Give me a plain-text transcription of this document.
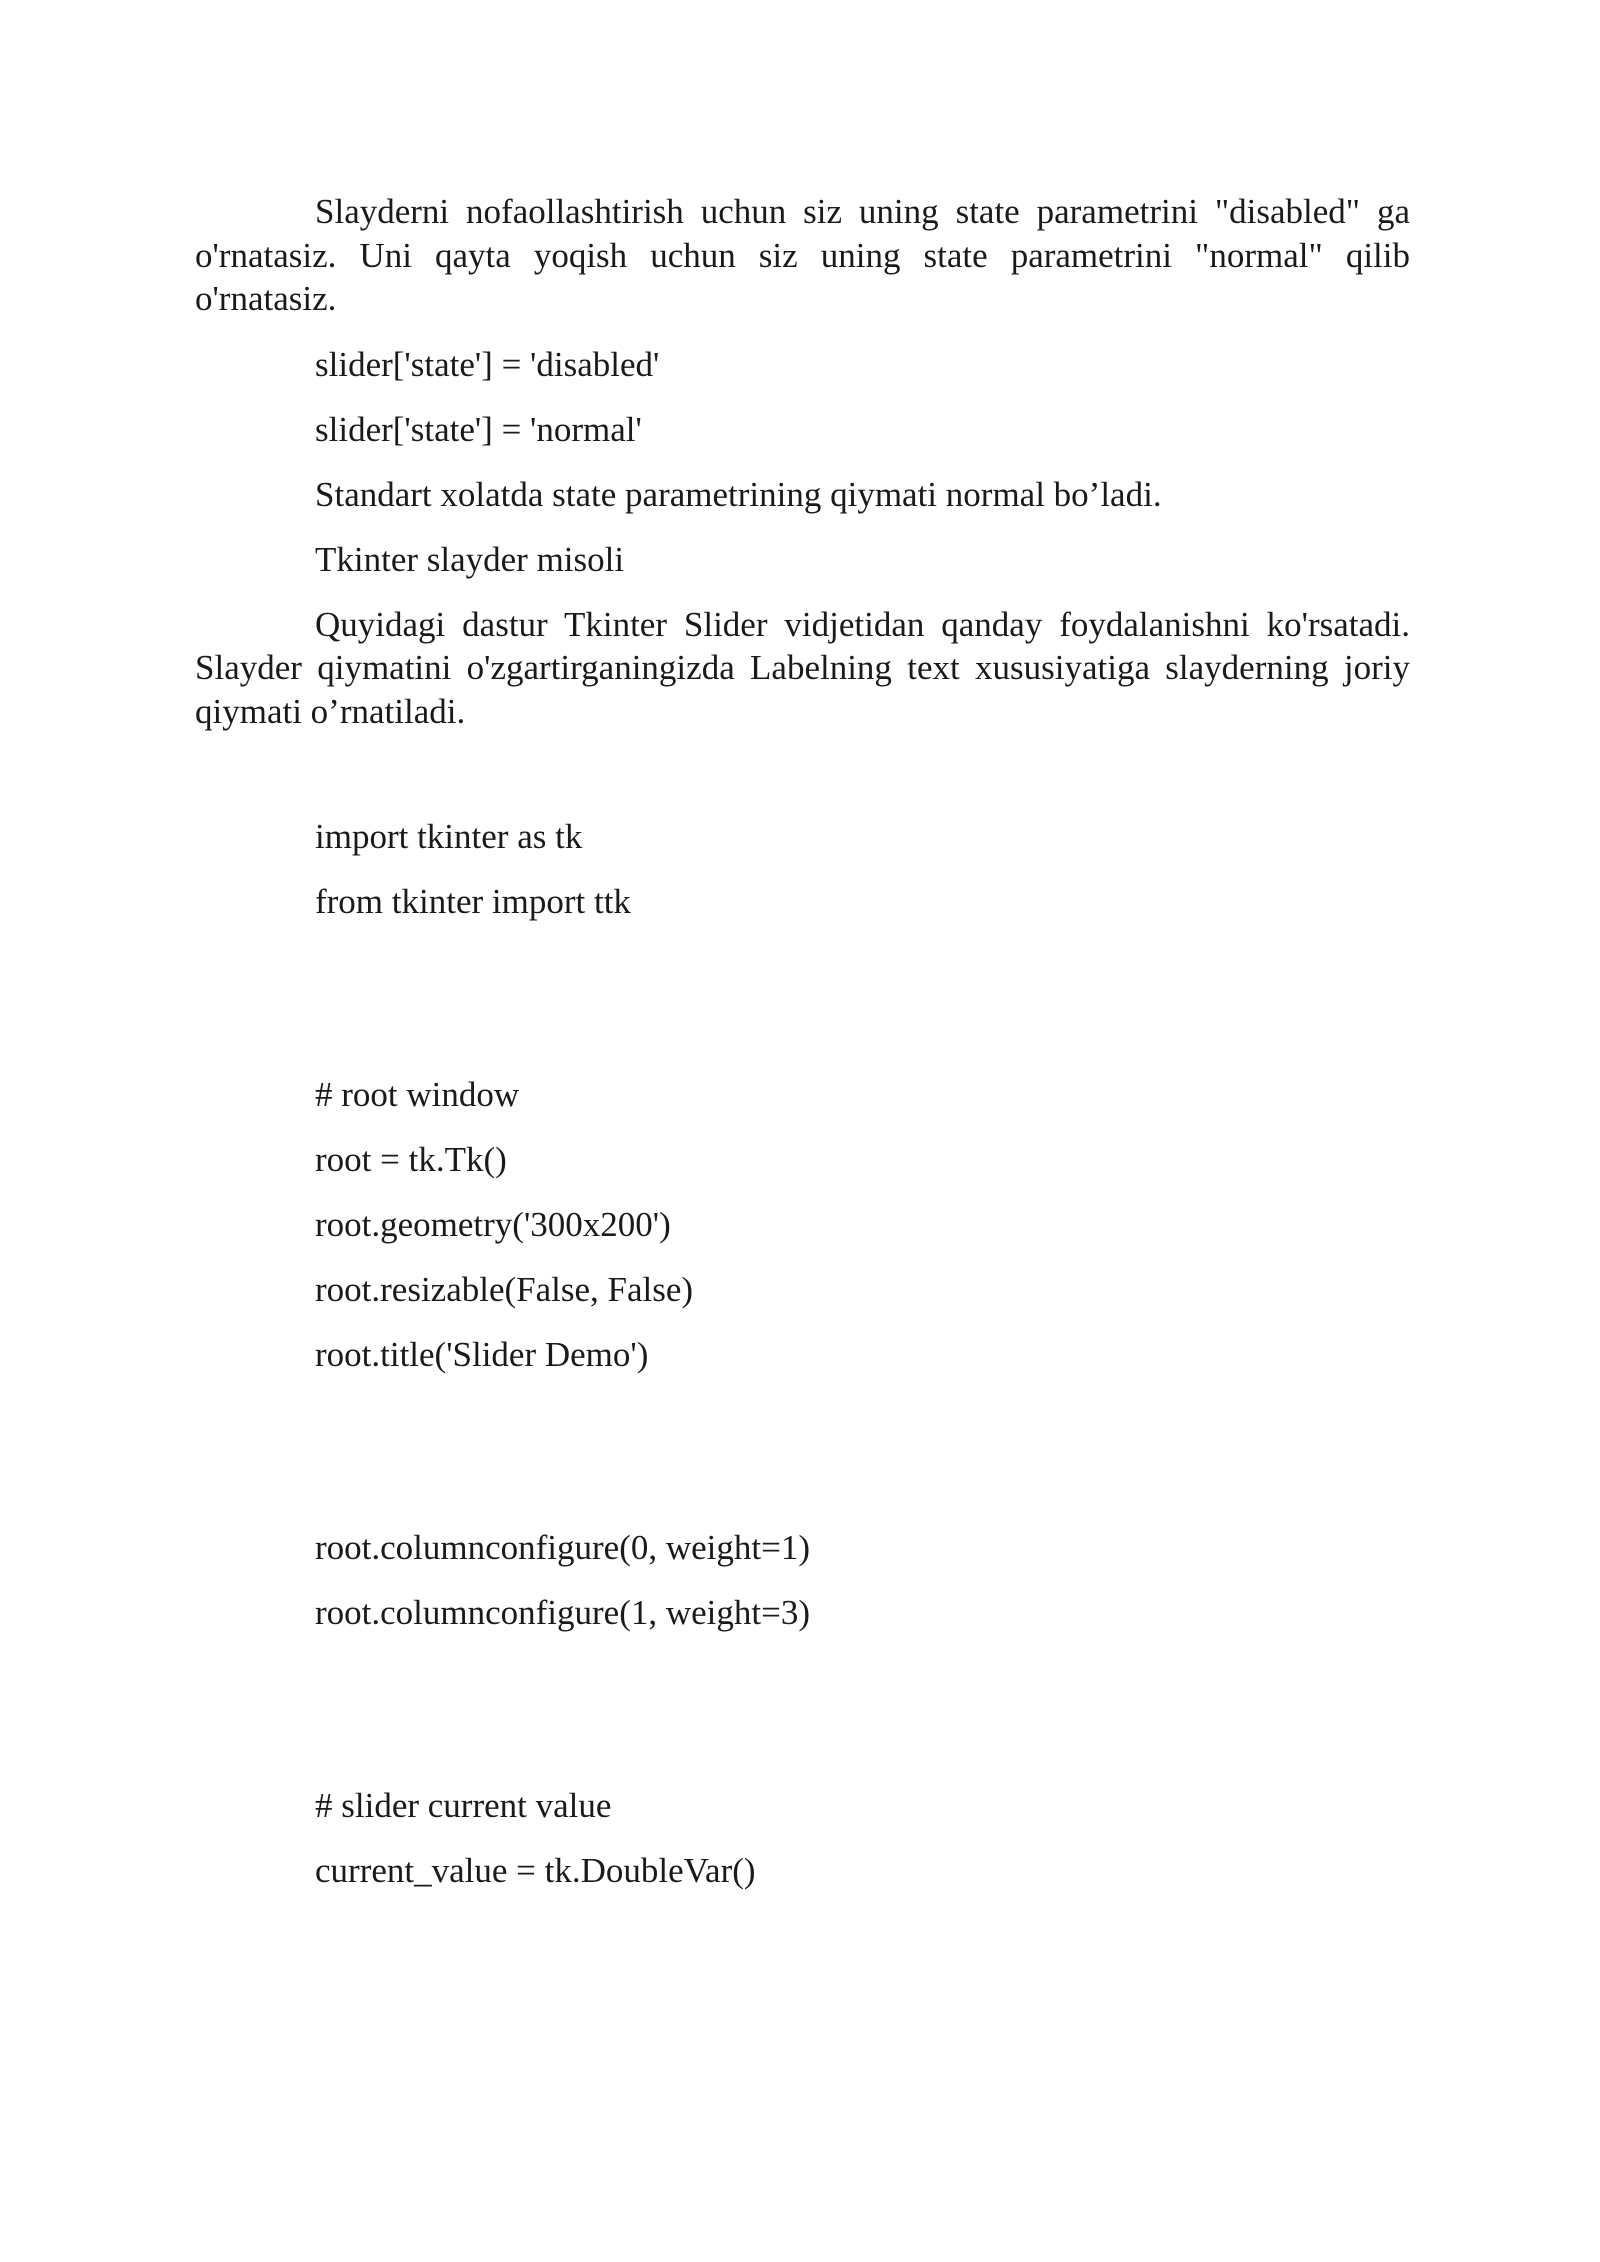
Slayderni nofaollashtirish uchun siz uning state parametrini "disabled" ga o'rnatasiz. Uni qayta yoqish uchun siz uning state parametrini "normal" qilib o'rnatasiz.

slider['state'] = 'disabled'

slider['state'] = 'normal'

Standart xolatda state parametrining qiymati normal bo’ladi.

Tkinter slayder misoli

Quyidagi dastur Tkinter Slider vidjetidan qanday foydalanishni ko'rsatadi. Slayder qiymatini o'zgartirganingizda Labelning text xususiyatiga slayderning joriy qiymati o’rnatiladi.

import tkinter as tk

from tkinter import ttk

# root window

root = tk.Tk()

root.geometry('300x200')

root.resizable(False, False)

root.title('Slider Demo')

root.columnconfigure(0, weight=1)

root.columnconfigure(1, weight=3)

# slider current value

current_value = tk.DoubleVar()
